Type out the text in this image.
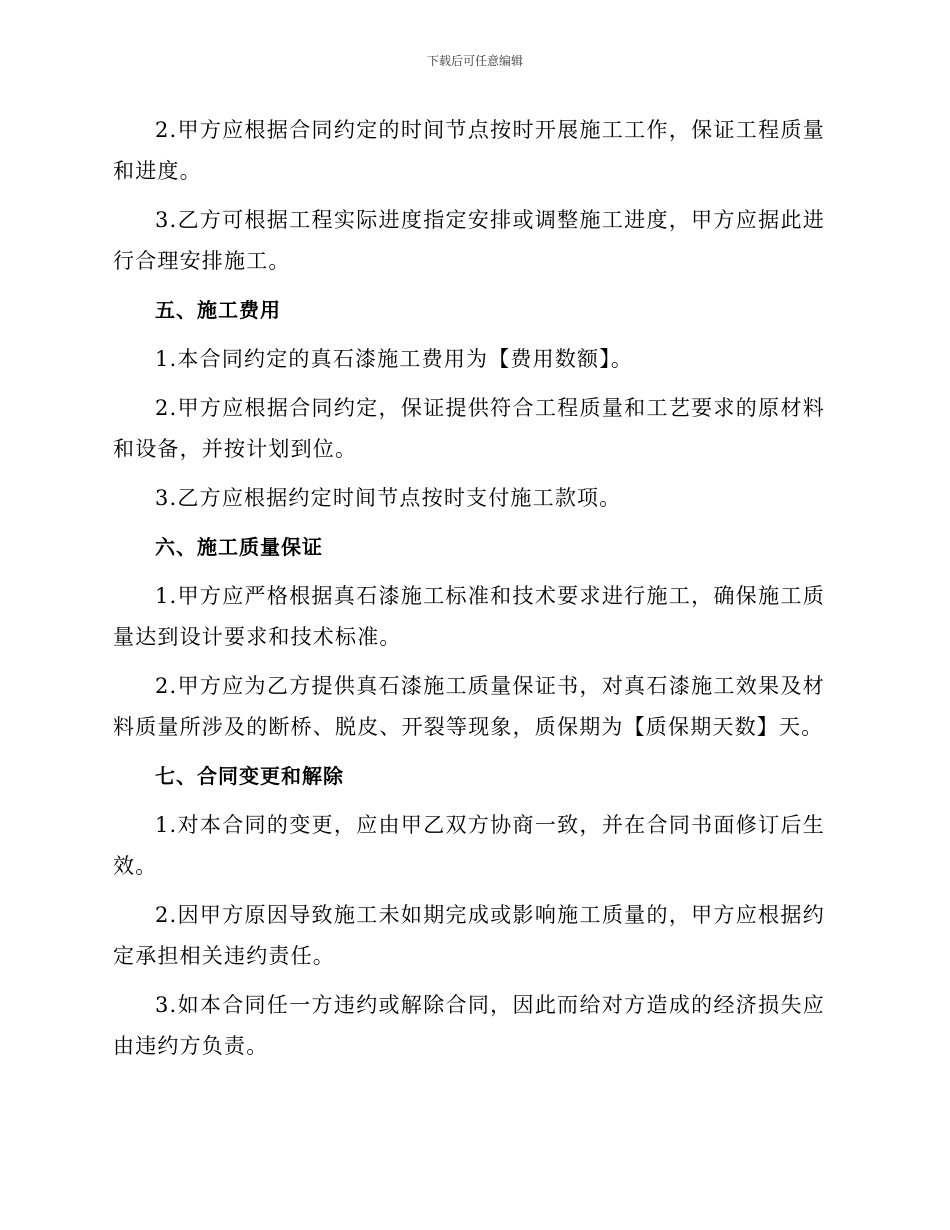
下载后可任意编辑

2.甲方应根据合同约定的时间节点按时开展施工工作，保证工程质量和进度。

3.乙方可根据工程实际进度指定安排或调整施工进度，甲方应据此进行合理安排施工。

五、施工费用

1.本合同约定的真石漆施工费用为【费用数额】。

2.甲方应根据合同约定，保证提供符合工程质量和工艺要求的原材料和设备，并按计划到位。

3.乙方应根据约定时间节点按时支付施工款项。

六、施工质量保证

1.甲方应严格根据真石漆施工标准和技术要求进行施工，确保施工质量达到设计要求和技术标准。

2.甲方应为乙方提供真石漆施工质量保证书，对真石漆施工效果及材料质量所涉及的断桥、脱皮、开裂等现象，质保期为【质保期天数】天。

七、合同变更和解除

1.对本合同的变更，应由甲乙双方协商一致，并在合同书面修订后生效。

2.因甲方原因导致施工未如期完成或影响施工质量的，甲方应根据约定承担相关违约责任。

3.如本合同任一方违约或解除合同，因此而给对方造成的经济损失应由违约方负责。
